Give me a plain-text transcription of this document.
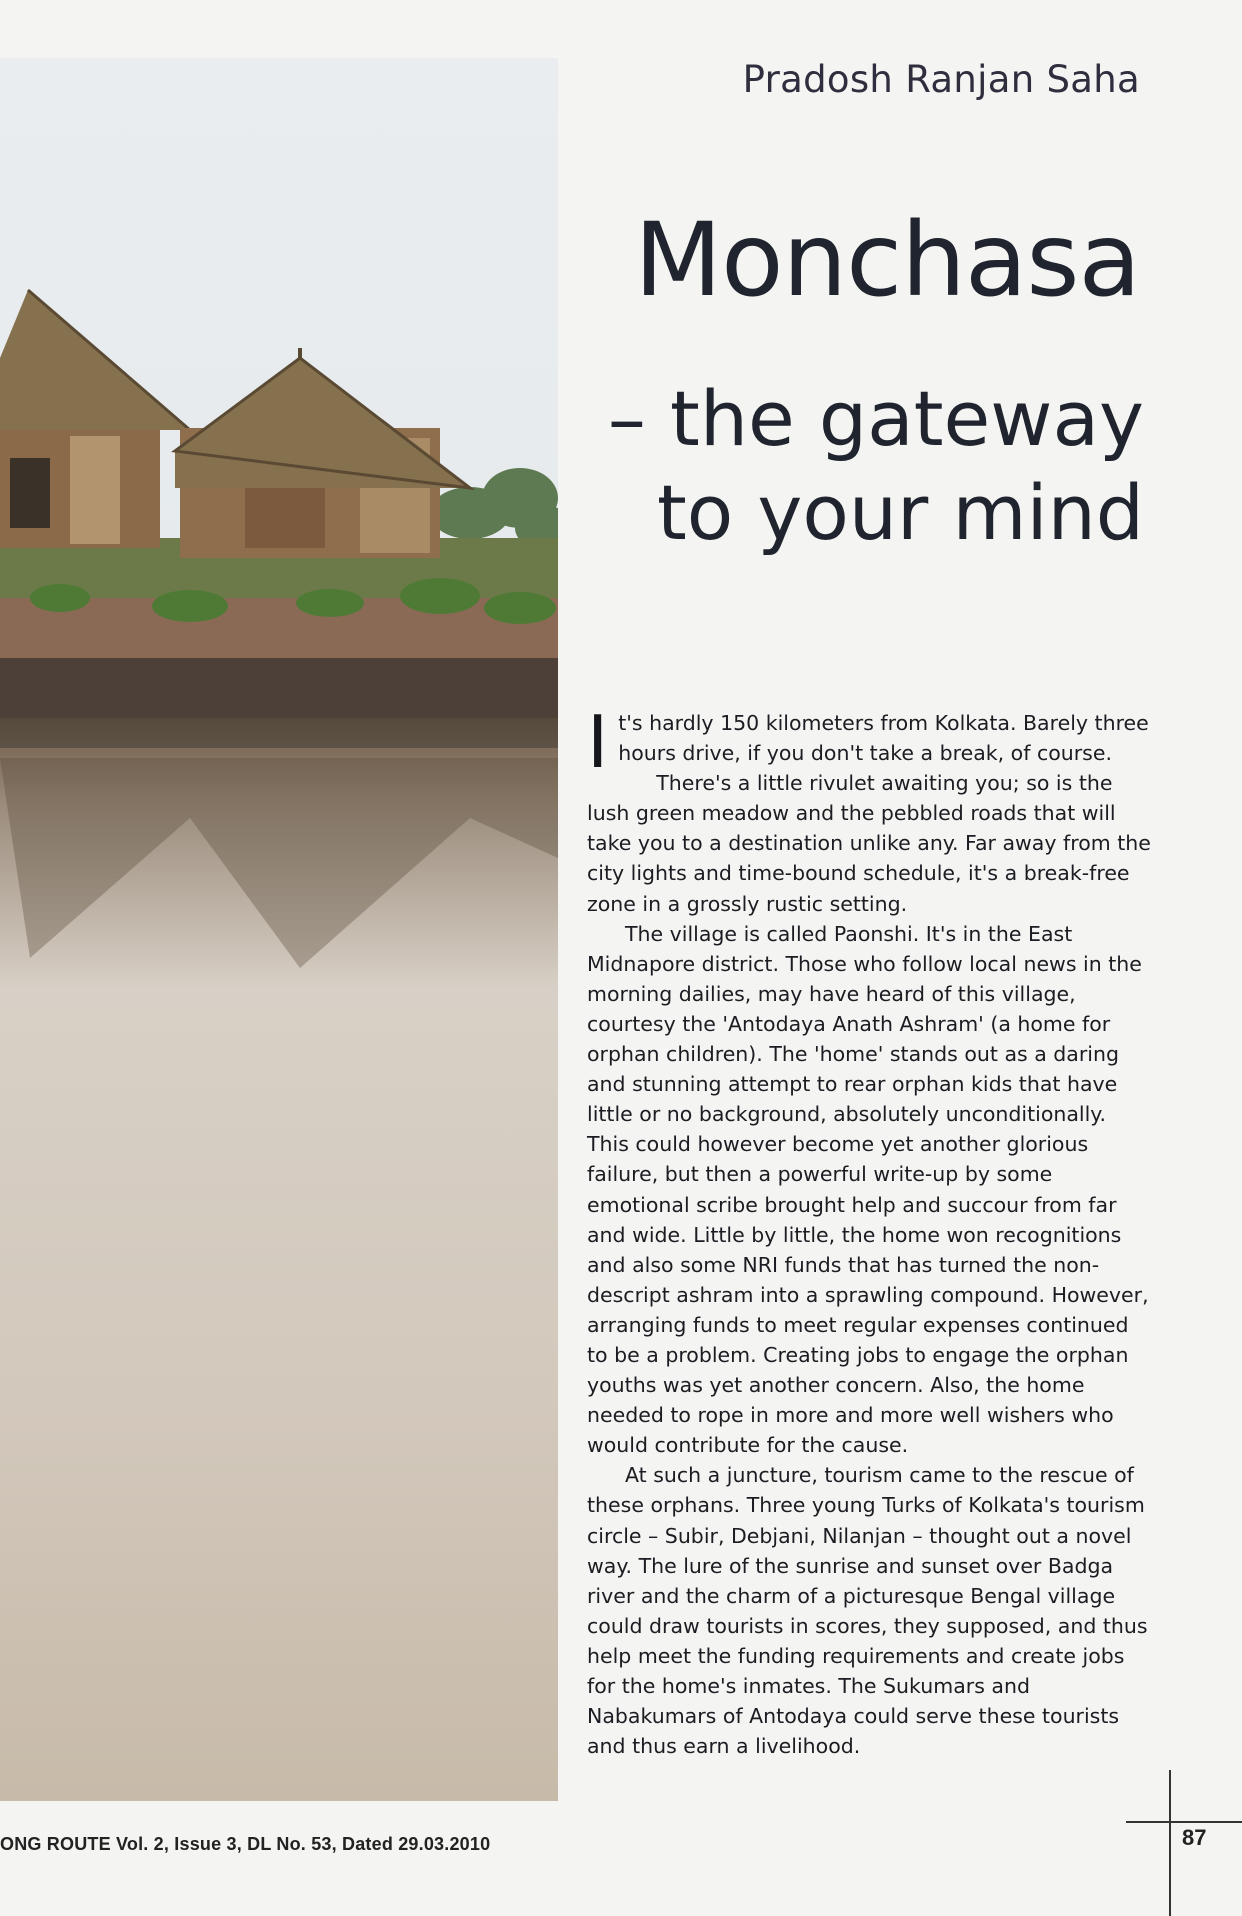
Pradosh Ranjan Saha
Monchasa
– the gateway
to your mind

It's hardly 150 kilometers from Kolkata. Barely three hours drive, if you don't take a break, of course.

There's a little rivulet awaiting you; so is the lush green meadow and the pebbled roads that will take you to a destination unlike any. Far away from the city lights and time-bound schedule, it's a break-free zone in a grossly rustic setting.

The village is called Paonshi. It's in the East Midnapore district. Those who follow local news in the morning dailies, may have heard of this village, courtesy the 'Antodaya Anath Ashram' (a home for orphan children). The 'home' stands out as a daring and stunning attempt to rear orphan kids that have little or no background, absolutely unconditionally. This could however become yet another glorious failure, but then a powerful write-up by some emotional scribe brought help and succour from far and wide. Little by little, the home won recognitions and also some NRI funds that has turned the non-descript ashram into a sprawling compound. However, arranging funds to meet regular expenses continued to be a problem. Creating jobs to engage the orphan youths was yet another concern. Also, the home needed to rope in more and more well wishers who would contribute for the cause.

At such a juncture, tourism came to the rescue of these orphans. Three young Turks of Kolkata's tourism circle – Subir, Debjani, Nilanjan – thought out a novel way. The lure of the sunrise and sunset over Badga river and the charm of a picturesque Bengal village could draw tourists in scores, they supposed, and thus help meet the funding requirements and create jobs for the home's inmates. The Sukumars and Nabakumars of Antodaya could serve these tourists and thus earn a livelihood.

ONG ROUTE Vol. 2, Issue 3, DL No. 53, Dated 29.03.2010	87
